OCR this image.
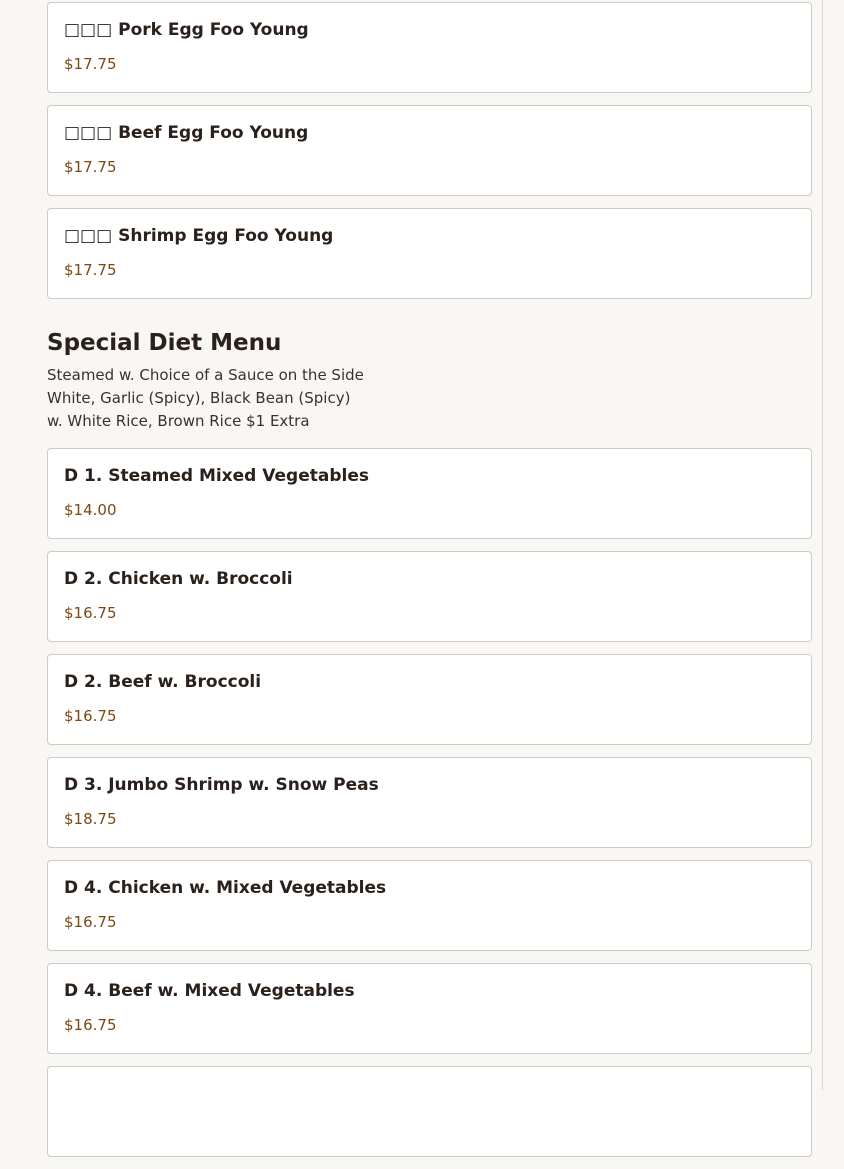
□□□ Pork Egg Foo Young
$17.75
□□□ Beef Egg Foo Young
$17.75
□□□ Shrimp Egg Foo Young
$17.75
Special Diet Menu
Steamed w. Choice of a Sauce on the Side
White, Garlic (Spicy), Black Bean (Spicy)
w. White Rice, Brown Rice $1 Extra
D 1. Steamed Mixed Vegetables
$14.00
D 2. Chicken w. Broccoli
$16.75
D 2. Beef w. Broccoli
$16.75
D 3. Jumbo Shrimp w. Snow Peas
$18.75
D 4. Chicken w. Mixed Vegetables
$16.75
D 4. Beef w. Mixed Vegetables
$16.75
